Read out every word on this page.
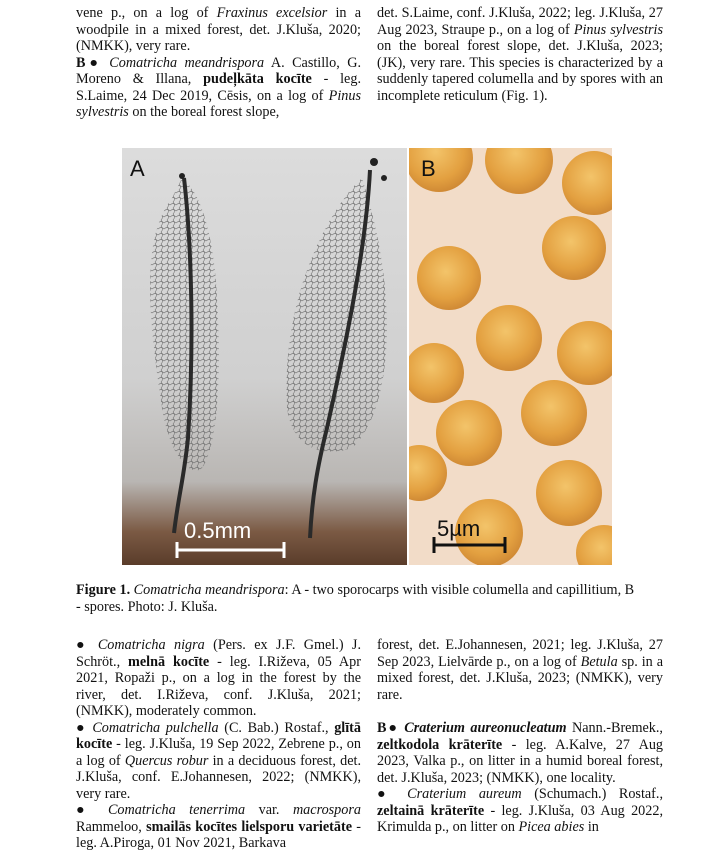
vene p., on a log of Fraxinus excelsior in a woodpile in a mixed forest, det. J.Kluša, 2020; (NMKK), very rare.

B● Comatricha meandrispora A. Castillo, G. Moreno & Illana, pudeļkāta kocīte - leg. S.Laime, 24 Dec 2019, Cēsis, on a log of Pinus sylvestris on the boreal forest slope,

det. S.Laime, conf. J.Kluša, 2022; leg. J.Kluša, 27 Aug 2023, Straupe p., on a log of Pinus sylvestris on the boreal forest slope, det. J.Kluša, 2023; (JK), very rare. This species is characterized by a suddenly tapered columella and by spores with an incomplete reticulum (Fig. 1).

A
0.5mm
B
5µm
Figure 1. Comatricha meandrispora: A - two sporocarps with visible columella and capillitium, B - spores. Photo: J. Kluša.

● Comatricha nigra (Pers. ex J.F. Gmel.) J. Schröt., melnā kocīte - leg. I.Riževa, 05 Apr 2021, Ropaži p., on a log in the forest by the river, det. I.Riževa, conf. J.Kluša, 2021; (NMKK), moderately common.

● Comatricha pulchella (C. Bab.) Rostaf., glītā kocīte - leg. J.Kluša, 19 Sep 2022, Zebrene p., on a log of Quercus robur in a deciduous forest, det. J.Kluša, conf. E.Johannesen, 2022; (NMKK), very rare.

● Comatricha tenerrima var. macrospora Rammeloo, smailās kocītes lielsporu varietāte - leg. A.Piroga, 01 Nov 2021, Barkava

forest, det. E.Johannesen, 2021; leg. J.Kluša, 27 Sep 2023, Lielvārde p., on a log of Betula sp. in a mixed forest, det. J.Kluša, 2023; (NMKK), very rare.

B● Craterium aureonucleatum Nann.-Bremek., zeltkodola krāterīte - leg. A.Kalve, 27 Aug 2023, Valka p., on litter in a humid boreal forest, det. J.Kluša, 2023; (NMKK), one locality.

● Craterium aureum (Schumach.) Rostaf., zeltainā krāterīte - leg. J.Kluša, 03 Aug 2022, Krimulda p., on litter on Picea abies in
